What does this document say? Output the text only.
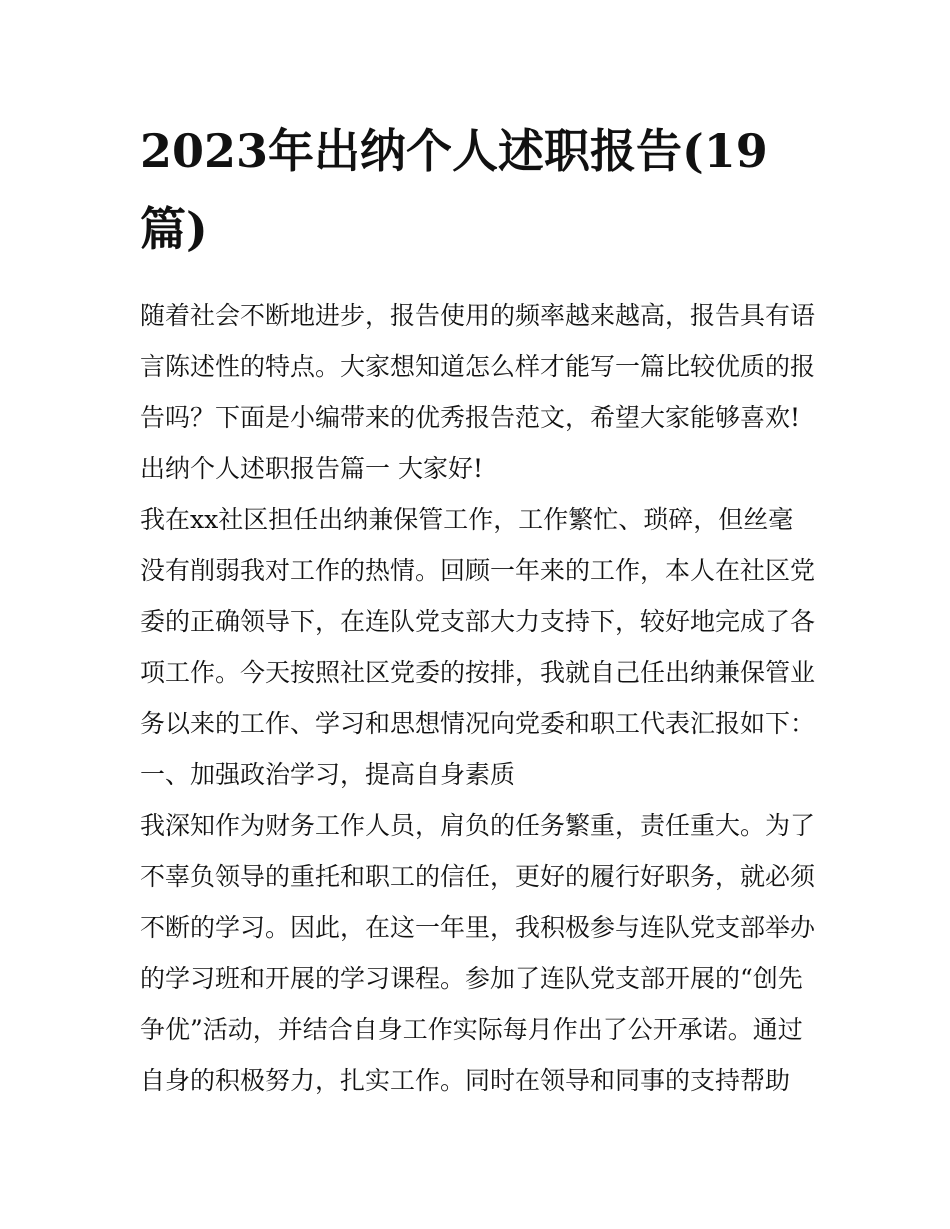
2023年出纳个人述职报告(19
篇)
随着社会不断地进步，报告使用的频率越来越高，报告具有语
言陈述性的特点。大家想知道怎么样才能写一篇比较优质的报
告吗？下面是小编带来的优秀报告范文，希望大家能够喜欢!
出纳个人述职报告篇一 大家好!
我在xx社区担任出纳兼保管工作，工作繁忙、琐碎，但丝毫
没有削弱我对工作的热情。回顾一年来的工作，本人在社区党
委的正确领导下，在连队党支部大力支持下，较好地完成了各
项工作。今天按照社区党委的按排，我就自己任出纳兼保管业
务以来的工作、学习和思想情况向党委和职工代表汇报如下：
一、加强政治学习，提高自身素质
我深知作为财务工作人员，肩负的任务繁重，责任重大。为了
不辜负领导的重托和职工的信任，更好的履行好职务，就必须
不断的学习。因此，在这一年里，我积极参与连队党支部举办
的学习班和开展的学习课程。参加了连队党支部开展的“创先
争优”活动，并结合自身工作实际每月作出了公开承诺。通过
自身的积极努力，扎实工作。同时在领导和同事的支持帮助
